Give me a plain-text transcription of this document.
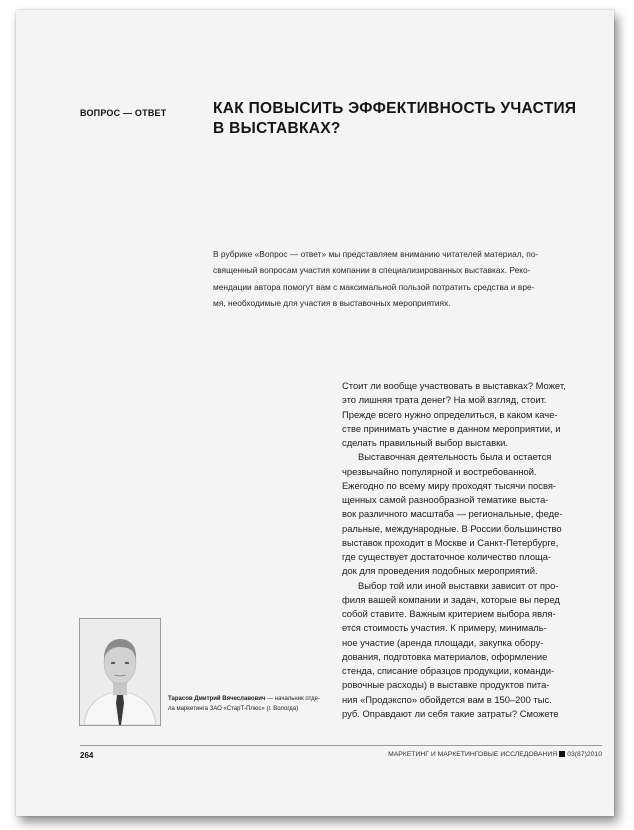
ВОПРОС — ОТВЕТ	КАК ПОВЫСИТЬ ЭФФЕКТИВНОСТЬ УЧАСТИЯ
В ВЫСТАВКАХ?
В рубрике «Вопрос — ответ» мы представляем вниманию читателей материал, по-
священный вопросам участия компании в специализированных выставках. Реко-
мендации автора помогут вам с максимальной пользой потратить средства и вре-
мя, необходимые для участия в выставочных мероприятиях.
Стоит ли вообще участвовать в выставках? Может,
это лишняя трата денег? На мой взгляд, стоит.
Прежде всего нужно определиться, в каком каче-
стве принимать участие в данном мероприятии, и
сделать правильный выбор выставки.
Выставочная деятельность была и остается
чрезвычайно популярной и востребованной.
Ежегодно по всему миру проходят тысячи посвя-
щенных самой разнообразной тематике выста-
вок различного масштаба — региональные, феде-
ральные, международные. В России большинство
выставок проходит в Москве и Санкт-Петербурге,
где существует достаточное количество площа-
док для проведения подобных мероприятий.
Выбор той или иной выставки зависит от про-
филя вашей компании и задач, которые вы перед
собой ставите. Важным критерием выбора явля-
ется стоимость участия. К примеру, минималь-
ное участие (аренда площади, закупка обору-
дования, подготовка материалов, оформление
стенда, списание образцов продукции, команди-
ровочные расходы) в выставке продуктов пита-
ния «Продэкспо» обойдется вам в 150–200 тыс.
руб. Оправдают ли себя такие затраты? Сможете
Тарасов Дмитрий Вячеславович — начальник отде-
ла маркетинга ЗАО «СтарТ-Плюс» (г. Вологда)
264	МАРКЕТИНГ И МАРКЕТИНГОВЫЕ ИССЛЕДОВАНИЯ 03(87)2010
